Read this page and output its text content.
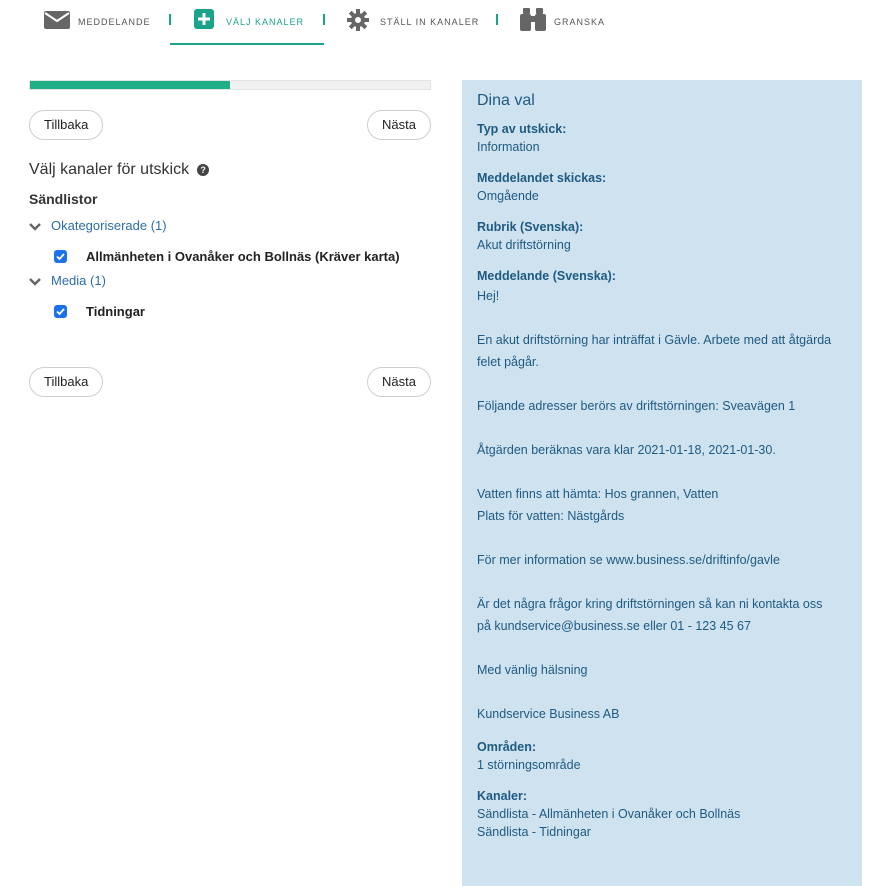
MEDDELANDE	VÄLJ KANALER	STÄLL IN KANALER	GRANSKA
Tillbaka	Nästa
Välj kanaler för utskick	?
Sändlistor
Okategoriserade (1)
Allmänheten i Ovanåker och Bollnäs (Kräver karta)
Media (1)
Tidningar
Tillbaka	Nästa
Dina val
Typ av utskick:
Information
Meddelandet skickas:
Omgående
Rubrik (Svenska):
Akut driftstörning
Meddelande (Svenska):
Hej!
En akut driftstörning har inträffat i Gävle. Arbete med att åtgärda
felet pågår.
Följande adresser berörs av driftstörningen: Sveavägen 1
Åtgärden beräknas vara klar 2021-01-18, 2021-01-30.
Vatten finns att hämta: Hos grannen, Vatten
Plats för vatten: Nästgårds
För mer information se www.business.se/driftinfo/gavle
Är det några frågor kring driftstörningen så kan ni kontakta oss
på kundservice@business.se eller 01 - 123 45 67
Med vänlig hälsning
Kundservice Business AB
Områden:
1 störningsområde
Kanaler:
Sändlista - Allmänheten i Ovanåker och Bollnäs
Sändlista - Tidningar
